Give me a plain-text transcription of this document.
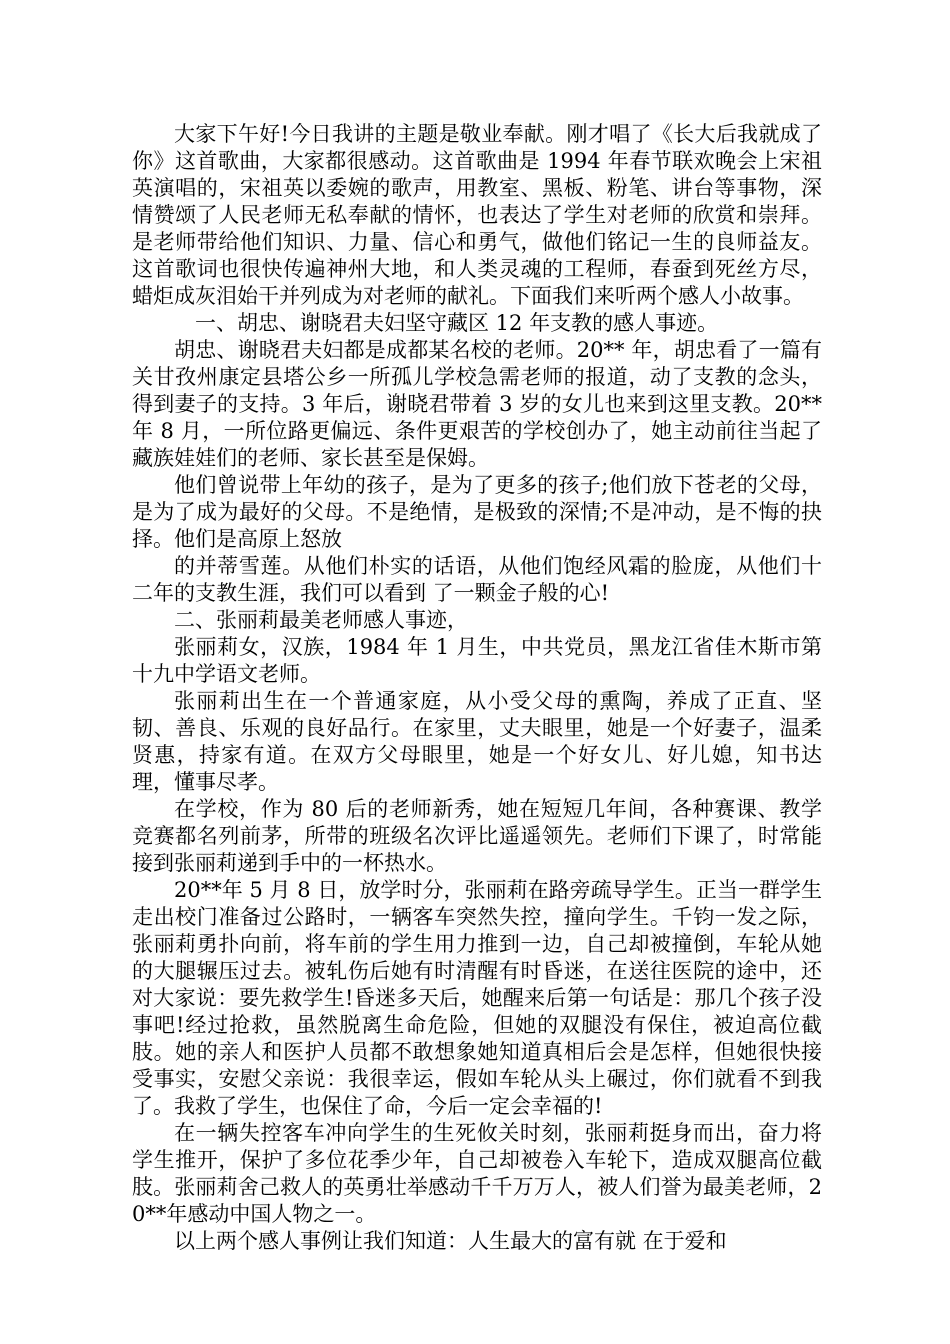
大家下午好!今日我讲的主题是敬业奉献。刚才唱了《长大后我就成了你》这首歌曲，大家都很感动。这首歌曲是 1994 年春节联欢晚会上宋祖英演唱的，宋祖英以委婉的歌声，用教室、黑板、粉笔、讲台等事物，深情赞颂了人民老师无私奉献的情怀，也表达了学生对老师的欣赏和崇拜。是老师带给他们知识、力量、信心和勇气，做他们铭记一生的良师益友。这首歌词也很快传遍神州大地，和人类灵魂的工程师，春蚕到死丝方尽，蜡炬成灰泪始干并列成为对老师的献礼。下面我们来听两个感人小故事。

一、胡忠、谢晓君夫妇坚守藏区 12 年支教的感人事迹。

胡忠、谢晓君夫妇都是成都某名校的老师。20** 年，胡忠看了一篇有关甘孜州康定县塔公乡一所孤儿学校急需老师的报道，动了支教的念头，得到妻子的支持。3 年后，谢晓君带着 3 岁的女儿也来到这里支教。20**年 8 月，一所位路更偏远、条件更艰苦的学校创办了，她主动前往当起了藏族娃娃们的老师、家长甚至是保姆。

他们曾说带上年幼的孩子，是为了更多的孩子;他们放下苍老的父母，是为了成为最好的父母。不是绝情，是极致的深情;不是冲动，是不悔的抉择。他们是高原上怒放

的并蒂雪莲。从他们朴实的话语，从他们饱经风霜的脸庞，从他们十二年的支教生涯，我们可以看到 了一颗金子般的心!

二、张丽莉最美老师感人事迹，

张丽莉女，汉族，1984 年 1 月生，中共党员，黑龙江省佳木斯市第十九中学语文老师。

张丽莉出生在一个普通家庭，从小受父母的熏陶，养成了正直、坚韧、善良、乐观的良好品行。在家里，丈夫眼里，她是一个好妻子，温柔贤惠，持家有道。在双方父母眼里，她是一个好女儿、好儿媳，知书达理，懂事尽孝。

在学校，作为 80 后的老师新秀，她在短短几年间，各种赛课、教学竞赛都名列前茅，所带的班级名次评比遥遥领先。老师们下课了，时常能接到张丽莉递到手中的一杯热水。

20**年 5 月 8 日，放学时分，张丽莉在路旁疏导学生。正当一群学生走出校门准备过公路时，一辆客车突然失控，撞向学生。千钧一发之际，张丽莉勇扑向前，将车前的学生用力推到一边，自己却被撞倒，车轮从她的大腿辗压过去。被轧伤后她有时清醒有时昏迷，在送往医院的途中，还对大家说：要先救学生!昏迷多天后，她醒来后第一句话是：那几个孩子没事吧!经过抢救，虽然脱离生命危险，但她的双腿没有保住，被迫高位截肢。她的亲人和医护人员都不敢想象她知道真相后会是怎样，但她很快接受事实，安慰父亲说：我很幸运，假如车轮从头上碾过，你们就看不到我了。我救了学生，也保住了命，今后一定会幸福的!

在一辆失控客车冲向学生的生死攸关时刻，张丽莉挺身而出，奋力将学生推开，保护了多位花季少年，自己却被卷入车轮下，造成双腿高位截肢。张丽莉舍己救人的英勇壮举感动千千万万人，被人们誉为最美老师，20**年感动中国人物之一。

以上两个感人事例让我们知道：人生最大的富有就 在于爱和
